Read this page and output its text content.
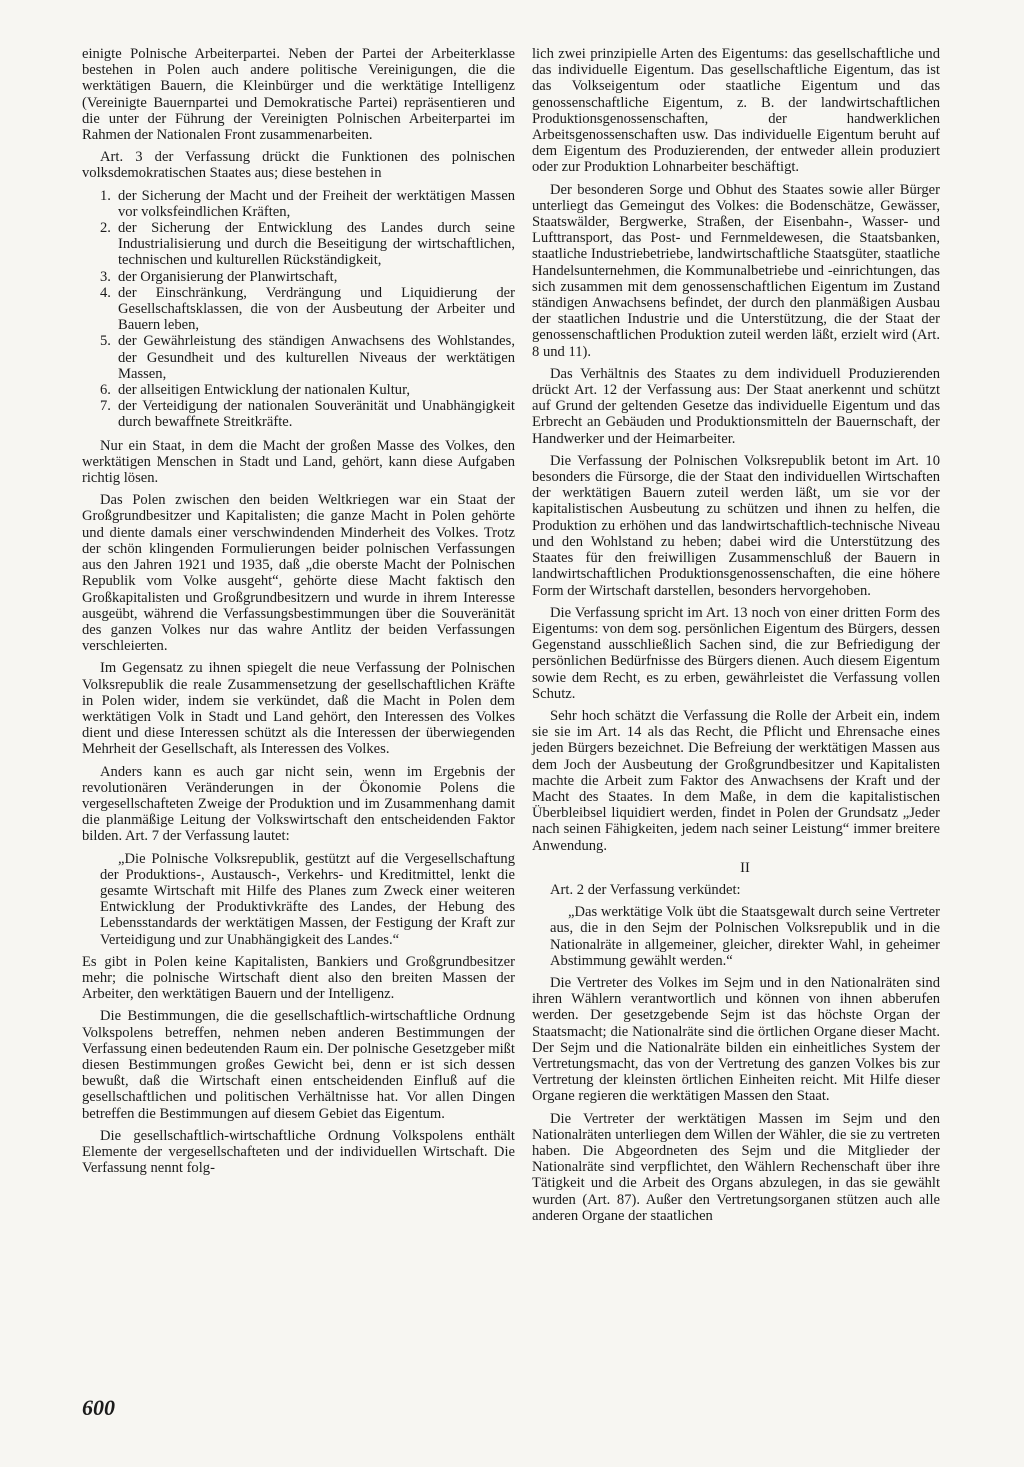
einigte Polnische Arbeiterpartei. Neben der Partei der Arbeiterklasse bestehen in Polen auch andere politische Vereinigungen, die die werktätigen Bauern, die Kleinbürger und die werktätige Intelligenz (Vereinigte Bauernpartei und Demokratische Partei) repräsentieren und die unter der Führung der Vereinigten Polnischen Arbeiterpartei im Rahmen der Nationalen Front zusammenarbeiten.

Art. 3 der Verfassung drückt die Funktionen des polnischen volksdemokratischen Staates aus; diese bestehen in

1. der Sicherung der Macht und der Freiheit der werktätigen Massen vor volksfeindlichen Kräften,
2. der Sicherung der Entwicklung des Landes durch seine Industrialisierung und durch die Beseitigung der wirtschaftlichen, technischen und kulturellen Rückständigkeit,
3. der Organisierung der Planwirtschaft,
4. der Einschränkung, Verdrängung und Liquidierung der Gesellschaftsklassen, die von der Ausbeutung der Arbeiter und Bauern leben,
5. der Gewährleistung des ständigen Anwachsens des Wohlstandes, der Gesundheit und des kulturellen Niveaus der werktätigen Massen,
6. der allseitigen Entwicklung der nationalen Kultur,
7. der Verteidigung der nationalen Souveränität und Unabhängigkeit durch bewaffnete Streitkräfte.

Nur ein Staat, in dem die Macht der großen Masse des Volkes, den werktätigen Menschen in Stadt und Land, gehört, kann diese Aufgaben richtig lösen.

Das Polen zwischen den beiden Weltkriegen war ein Staat der Großgrundbesitzer und Kapitalisten; die ganze Macht in Polen gehörte und diente damals einer verschwindenden Minderheit des Volkes. Trotz der schön klingenden Formulierungen beider polnischen Verfassungen aus den Jahren 1921 und 1935, daß „die oberste Macht der Polnischen Republik vom Volke ausgeht“, gehörte diese Macht faktisch den Großkapitalisten und Großgrundbesitzern und wurde in ihrem Interesse ausgeübt, während die Verfassungsbestimmungen über die Souveränität des ganzen Volkes nur das wahre Antlitz der beiden Verfassungen verschleierten.

Im Gegensatz zu ihnen spiegelt die neue Verfassung der Polnischen Volksrepublik die reale Zusammensetzung der gesellschaftlichen Kräfte in Polen wider, indem sie verkündet, daß die Macht in Polen dem werktätigen Volk in Stadt und Land gehört, den Interessen des Volkes dient und diese Interessen schützt als die Interessen der überwiegenden Mehrheit der Gesellschaft, als Interessen des Volkes.

Anders kann es auch gar nicht sein, wenn im Ergebnis der revolutionären Veränderungen in der Ökonomie Polens die vergesellschafteten Zweige der Produktion und im Zusammenhang damit die planmäßige Leitung der Volkswirtschaft den entscheidenden Faktor bilden. Art. 7 der Verfassung lautet:

„Die Polnische Volksrepublik, gestützt auf die Vergesellschaftung der Produktions-, Austausch-, Verkehrs- und Kreditmittel, lenkt die gesamte Wirtschaft mit Hilfe des Planes zum Zweck einer weiteren Entwicklung der Produktivkräfte des Landes, der Hebung des Lebensstandards der werktätigen Massen, der Festigung der Kraft zur Verteidigung und zur Unabhängigkeit des Landes.“

Es gibt in Polen keine Kapitalisten, Bankiers und Großgrundbesitzer mehr; die polnische Wirtschaft dient also den breiten Massen der Arbeiter, den werktätigen Bauern und der Intelligenz.

Die Bestimmungen, die die gesellschaftlich-wirtschaftliche Ordnung Volkspolens betreffen, nehmen neben anderen Bestimmungen der Verfassung einen bedeutenden Raum ein. Der polnische Gesetzgeber mißt diesen Bestimmungen großes Gewicht bei, denn er ist sich dessen bewußt, daß die Wirtschaft einen entscheidenden Einfluß auf die gesellschaftlichen und politischen Verhältnisse hat. Vor allen Dingen betreffen die Bestimmungen auf diesem Gebiet das Eigentum.

Die gesellschaftlich-wirtschaftliche Ordnung Volkspolens enthält Elemente der vergesellschafteten und der individuellen Wirtschaft. Die Verfassung nennt folg-

lich zwei prinzipielle Arten des Eigentums: das gesellschaftliche und das individuelle Eigentum. Das gesellschaftliche Eigentum, das ist das Volkseigentum oder staatliche Eigentum und das genossenschaftliche Eigentum, z. B. der landwirtschaftlichen Produktionsgenossenschaften, der handwerklichen Arbeitsgenossenschaften usw. Das individuelle Eigentum beruht auf dem Eigentum des Produzierenden, der entweder allein produziert oder zur Produktion Lohnarbeiter beschäftigt.

Der besonderen Sorge und Obhut des Staates sowie aller Bürger unterliegt das Gemeingut des Volkes: die Bodenschätze, Gewässer, Staatswälder, Bergwerke, Straßen, der Eisenbahn-, Wasser- und Lufttransport, das Post- und Fernmeldewesen, die Staatsbanken, staatliche Industriebetriebe, landwirtschaftliche Staatsgüter, staatliche Handelsunternehmen, die Kommunalbetriebe und -einrichtungen, das sich zusammen mit dem genossenschaftlichen Eigentum im Zustand ständigen Anwachsens befindet, der durch den planmäßigen Ausbau der staatlichen Industrie und die Unterstützung, die der Staat der genossenschaftlichen Produktion zuteil werden läßt, erzielt wird (Art. 8 und 11).

Das Verhältnis des Staates zu dem individuell Produzierenden drückt Art. 12 der Verfassung aus: Der Staat anerkennt und schützt auf Grund der geltenden Gesetze das individuelle Eigentum und das Erbrecht an Gebäuden und Produktionsmitteln der Bauernschaft, der Handwerker und der Heimarbeiter.

Die Verfassung der Polnischen Volksrepublik betont im Art. 10 besonders die Fürsorge, die der Staat den individuellen Wirtschaften der werktätigen Bauern zuteil werden läßt, um sie vor der kapitalistischen Ausbeutung zu schützen und ihnen zu helfen, die Produktion zu erhöhen und das landwirtschaftlich-technische Niveau und den Wohlstand zu heben; dabei wird die Unterstützung des Staates für den freiwilligen Zusammenschluß der Bauern in landwirtschaftlichen Produktionsgenossenschaften, die eine höhere Form der Wirtschaft darstellen, besonders hervorgehoben.

Die Verfassung spricht im Art. 13 noch von einer dritten Form des Eigentums: von dem sog. persönlichen Eigentum des Bürgers, dessen Gegenstand ausschließlich Sachen sind, die zur Befriedigung der persönlichen Bedürfnisse des Bürgers dienen. Auch diesem Eigentum sowie dem Recht, es zu erben, gewährleistet die Verfassung vollen Schutz.

Sehr hoch schätzt die Verfassung die Rolle der Arbeit ein, indem sie sie im Art. 14 als das Recht, die Pflicht und Ehrensache eines jeden Bürgers bezeichnet. Die Befreiung der werktätigen Massen aus dem Joch der Ausbeutung der Großgrundbesitzer und Kapitalisten machte die Arbeit zum Faktor des Anwachsens der Kraft und der Macht des Staates. In dem Maße, in dem die kapitalistischen Überbleibsel liquidiert werden, findet in Polen der Grundsatz „Jeder nach seinen Fähigkeiten, jedem nach seiner Leistung“ immer breitere Anwendung.

II

Art. 2 der Verfassung verkündet:

„Das werktätige Volk übt die Staatsgewalt durch seine Vertreter aus, die in den Sejm der Polnischen Volksrepublik und in die Nationalräte in allgemeiner, gleicher, direkter Wahl, in geheimer Abstimmung gewählt werden.“

Die Vertreter des Volkes im Sejm und in den Nationalräten sind ihren Wählern verantwortlich und können von ihnen abberufen werden. Der gesetzgebende Sejm ist das höchste Organ der Staatsmacht; die Nationalräte sind die örtlichen Organe dieser Macht. Der Sejm und die Nationalräte bilden ein einheitliches System der Vertretungsmacht, das von der Vertretung des ganzen Volkes bis zur Vertretung der kleinsten örtlichen Einheiten reicht. Mit Hilfe dieser Organe regieren die werktätigen Massen den Staat.

Die Vertreter der werktätigen Massen im Sejm und den Nationalräten unterliegen dem Willen der Wähler, die sie zu vertreten haben. Die Abgeordneten des Sejm und die Mitglieder der Nationalräte sind verpflichtet, den Wählern Rechenschaft über ihre Tätigkeit und die Arbeit des Organs abzulegen, in das sie gewählt wurden (Art. 87). Außer den Vertretungsorganen stützen auch alle anderen Organe der staatlichen

600
